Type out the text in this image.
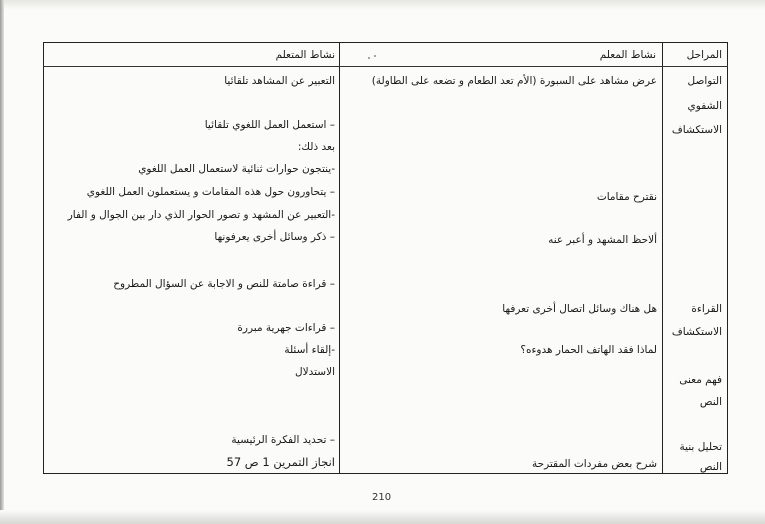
المراحل
نشاط المعلم
نشاط المتعلم
التواصل
الشفوي
الاستكشاف
القراءة
الاستكشاف
فهم معنى
النص
تحليل بنية
النص
عرض مشاهد على السبورة (الأم تعد الطعام و تضعه على الطاولة)
نقترح مقامات
ألاحظ المشهد و أعبر عنه
هل هناك وسائل اتصال أخرى تعرفها
لماذا فقد الهاتف الحمار هدوءه؟
شرح بعض مفردات المقترحة
التعبير عن المشاهد تلقائيا
– استعمل العمل اللغوي تلقائيا
بعد ذلك:
-ينتجون حوارات ثنائية لاستعمال العمل اللغوي
– يتحاورون حول هذه المقامات و يستعملون العمل اللغوي
-التعبير عن المشهد و تصور الحوار الذي دار بين الجوال و الفار
– ذكر وسائل أخرى يعرفونها
– قراءة صامتة للنص و الاجابة عن السؤال المطروح
– قراءات جهرية مبررة
-إلقاء أسئلة
الاستدلال
– تحديد الفكرة الرئيسية
انجاز التمرين 1 ص 57
210
